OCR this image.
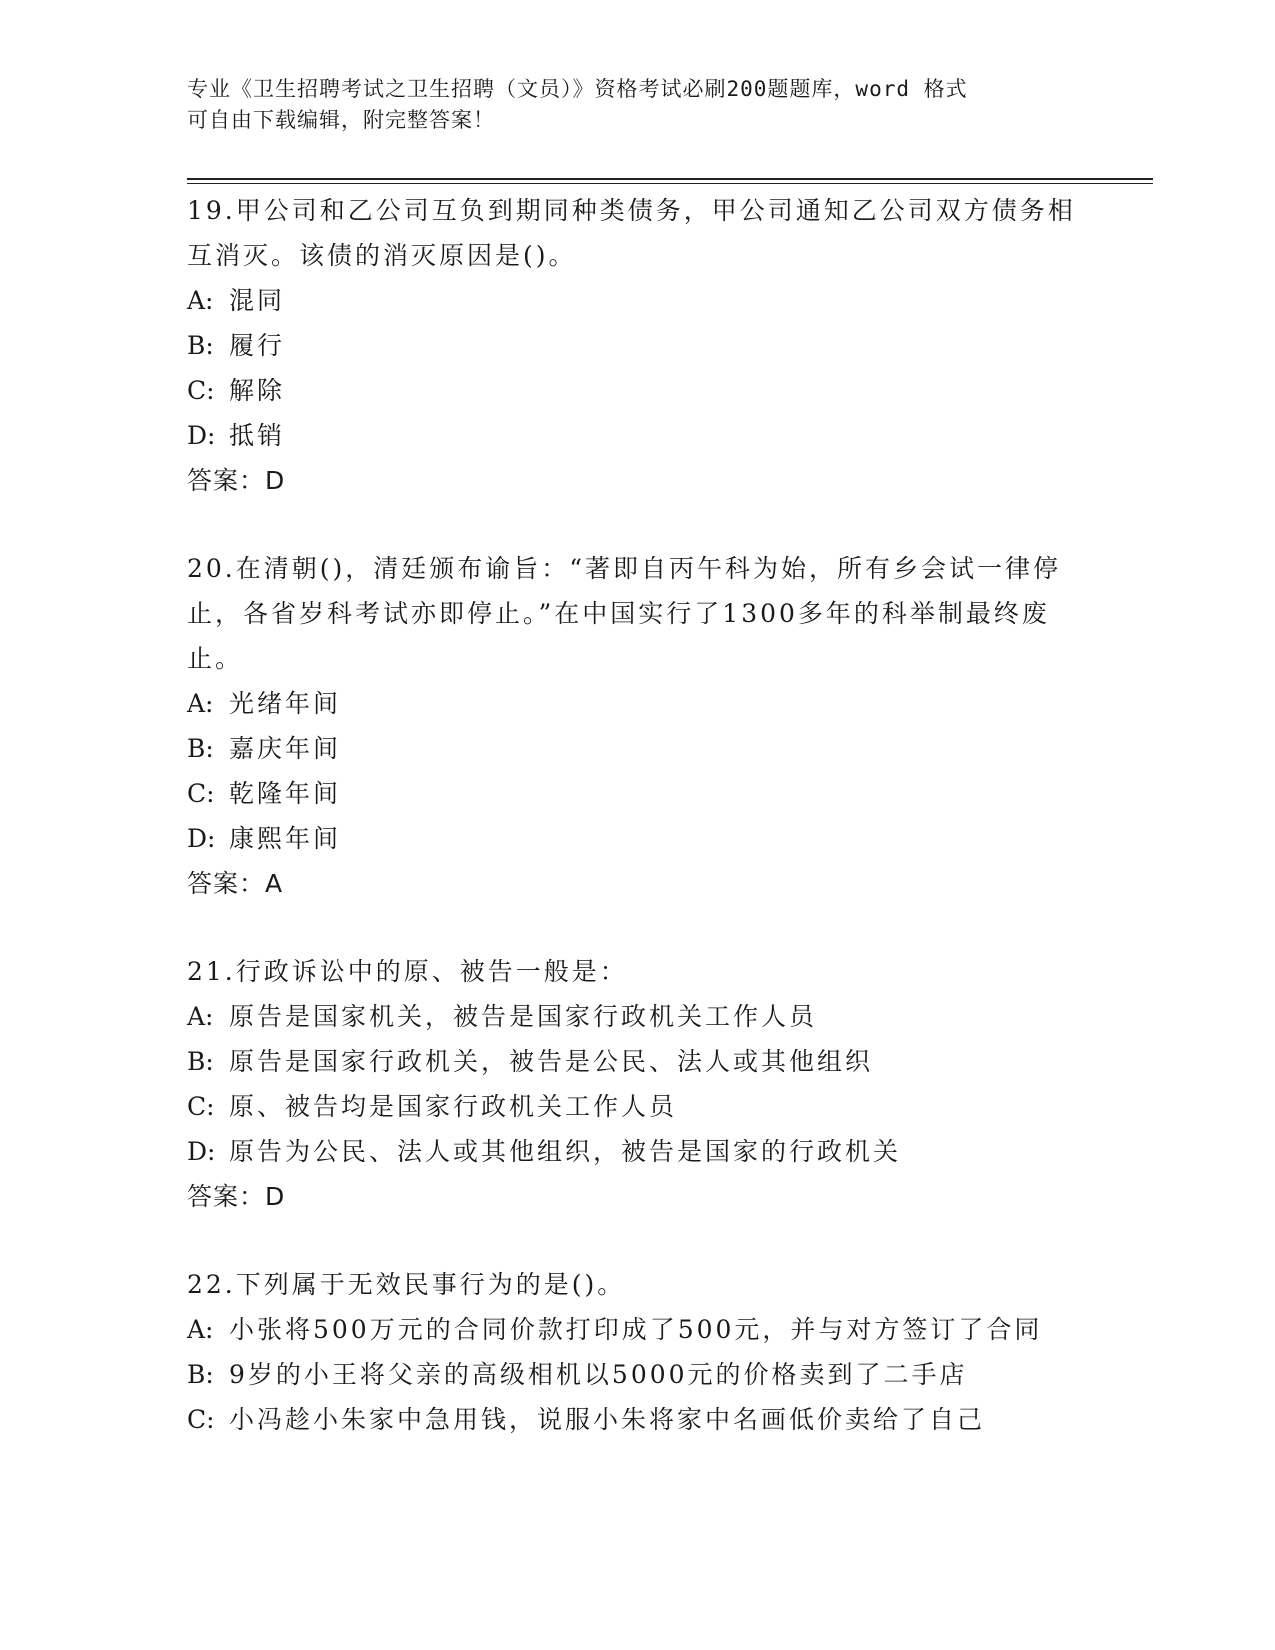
专业《卫生招聘考试之卫生招聘（文员）》资格考试必刷200题题库，word 格式
可自由下载编辑，附完整答案！
19.甲公司和乙公司互负到期同种类债务，甲公司通知乙公司双方债务相互消灭。该债的消灭原因是()。
A: 混同
B: 履行
C: 解除
D: 抵销
答案：D
20.在清朝()，清廷颁布谕旨：“著即自丙午科为始，所有乡会试一律停止，各省岁科考试亦即停止。”在中国实行了1300多年的科举制最终废止。
A: 光绪年间
B: 嘉庆年间
C: 乾隆年间
D: 康熙年间
答案：A
21.行政诉讼中的原、被告一般是：
A: 原告是国家机关，被告是国家行政机关工作人员
B: 原告是国家行政机关，被告是公民、法人或其他组织
C: 原、被告均是国家行政机关工作人员
D: 原告为公民、法人或其他组织，被告是国家的行政机关
答案：D
22.下列属于无效民事行为的是()。
A: 小张将500万元的合同价款打印成了500元，并与对方签订了合同
B: 9岁的小王将父亲的高级相机以5000元的价格卖到了二手店
C: 小冯趁小朱家中急用钱，说服小朱将家中名画低价卖给了自己
